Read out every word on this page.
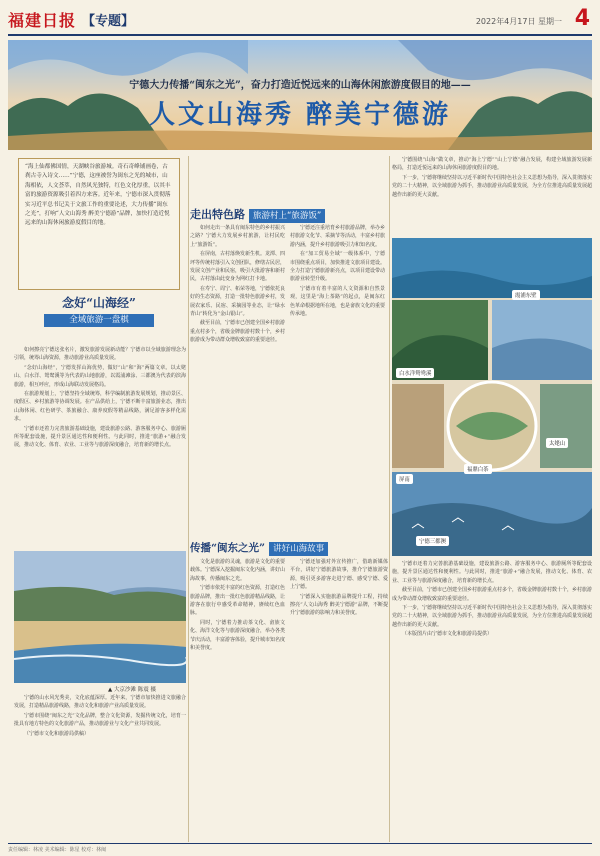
福建日报 【专题】	2022年4月17日 星期一 4
宁德大力传播“闽东之光”，奋力打造近悦远来的山海休闲旅游度假目的地——
人文山海秀 醉美宁德游
“海上仙都佛国情，天湖峡谷旅游城。奇石奇峰铺画卷，古刹古寺入诗文……”宁德，这座被誉为闽东之光的城市，山海相依，人文荟萃，自然风光独特，红色文化厚重，以其丰富的旅游资源吸引着四方来客。近年来，宁德市深入贯彻落实习近平总书记关于文旅工作的重要论述，大力传播“闽东之光”，打响“人文山海秀 醉美宁德游”品牌，加快打造近悦远来的山海休闲旅游度假目的地。
念好“山海经”
全域旅游一盘棋

如何擦亮宁德这张名片，激发旅游发展新动能？宁德市以全域旅游理念为引领，统筹山海资源，推动旅游业高质量发展。

“念好山海经”，宁德发挥山海优势，做好“山”和“海”两篇文章。以太姥山、白水洋、鸳鸯溪等为代表的山地旅游，以霞浦滩涂、三都澳为代表的滨海旅游，相互呼应，形成山海联动发展格局。

在旅游规划上，宁德坚持全域统筹，科学编制旅游发展规划，推动景区、度假区、乡村旅游等协调发展。在产品供给上，宁德不断丰富旅游业态，推出山海休闲、红色研学、茶旅融合、康养度假等精品线路，满足游客多样化需求。

宁德市还着力完善旅游基础设施，建设旅游公路、游客服务中心、旅游厕所等配套设施，提升景区通达性和便利性。与此同时，推进“旅游+”融合发展，推动文化、体育、农业、工业等与旅游深度融合，培育新的增长点。

▲ 大京沙滩 陈震 摄

宁德的山水风光秀美，文化底蕴深厚。近年来，宁德市加快推进文旅融合发展，打造精品旅游线路，推动文化和旅游产业高质量发展。

宁德市围绕“闽东之光”文化品牌，整合文化资源，发掘传统文化，培育一批具有地方特色的文化旅游产品，推动旅游业与文化产业共同发展。

（宁德市文化和旅游局供稿）

走出特色路 旅游村上“旅游饭”

如何走出一条具有闽东特色的乡村振兴之路？宁德大力发展乡村旅游，让村民吃上“旅游饭”。

在屏南，古村落焕发新生机。龙潭、四坪等传统村落引入文创团队，修缮古民居，发展文创产业和民宿，吸引大批游客和新村民，古村落由此变身为网红打卡地。

在寿宁、周宁、柘荣等地，宁德依托良好的生态资源，打造一批特色旅游乡村，发展农家乐、民宿、采摘园等业态，让“绿水青山”转化为“金山银山”。

截至目前，宁德市已创建全国乡村旅游重点村多个，省级金牌旅游村数十个，乡村旅游成为带动群众增收致富的重要途径。

宁德还注重培育乡村旅游品牌，举办乡村旅游文化节、采摘节等活动，丰富乡村旅游内涵，提升乡村旅游吸引力和知名度。

在“加工贸易全域”一级体系中，宁德市围绕重点项目，加快推进文旅项目建设。全力打造宁德旅游新亮点，以项目建设带动旅游业转型升级。

宁德市有着丰富的人文资源和自然景观，这里是“海上茶路”的起点，是闽东红色革命根据地所在地，也是畲族文化的重要传承地。

宁德围绕“山海”做文章，推动“海上宁德”“山上宁德”融合发展，构建全域旅游发展新格局，打造近悦远来的山海休闲旅游度假目的地。

下一步，宁德将继续坚持以习近平新时代中国特色社会主义思想为指导，深入贯彻落实党的二十大精神，以全域旅游为抓手，推动旅游业高质量发展，为全方位推进高质量发展超越作出新的更大贡献。

霞浦东壁
白水洋鸳鸯溪
太姥山
福鼎白茶
屏南
宁德三都澳
传播“闽东之光” 讲好山海故事

文化是旅游的灵魂，旅游是文化的重要载体。宁德深入挖掘闽东文化内涵，讲好山海故事，传播闽东之光。

宁德市依托丰富的红色资源，打造红色旅游品牌，推出一批红色旅游精品线路，让游客在旅行中感受革命精神，赓续红色血脉。

同时，宁德着力推动茶文化、畲族文化、海洋文化等与旅游深度融合，举办各类节庆活动，丰富游客体验，提升城市知名度和美誉度。

宁德还加强对外宣传推广，借助新媒体平台，讲好宁德旅游故事，推介宁德旅游资源，吸引更多游客走进宁德、感受宁德、爱上宁德。

宁德深入实施旅游品牌提升工程，持续擦亮“人文山海秀 醉美宁德游”品牌，不断提升宁德旅游的影响力和美誉度。

宁德市还着力完善旅游基础设施，建设旅游公路、游客服务中心、旅游厕所等配套设施，提升景区通达性和便利性。与此同时，推进“旅游+”融合发展，推动文化、体育、农业、工业等与旅游深度融合，培育新的增长点。

截至目前，宁德市已创建全国乡村旅游重点村多个，省级金牌旅游村数十个，乡村旅游成为带动群众增收致富的重要途径。

下一步，宁德将继续坚持以习近平新时代中国特色社会主义思想为指导，深入贯彻落实党的二十大精神，以全域旅游为抓手，推动旅游业高质量发展，为全方位推进高质量发展超越作出新的更大贡献。

（本版图片由宁德市文化和旅游局提供）

责任编辑：林凌 美术编辑：陈星 校对：林闽
